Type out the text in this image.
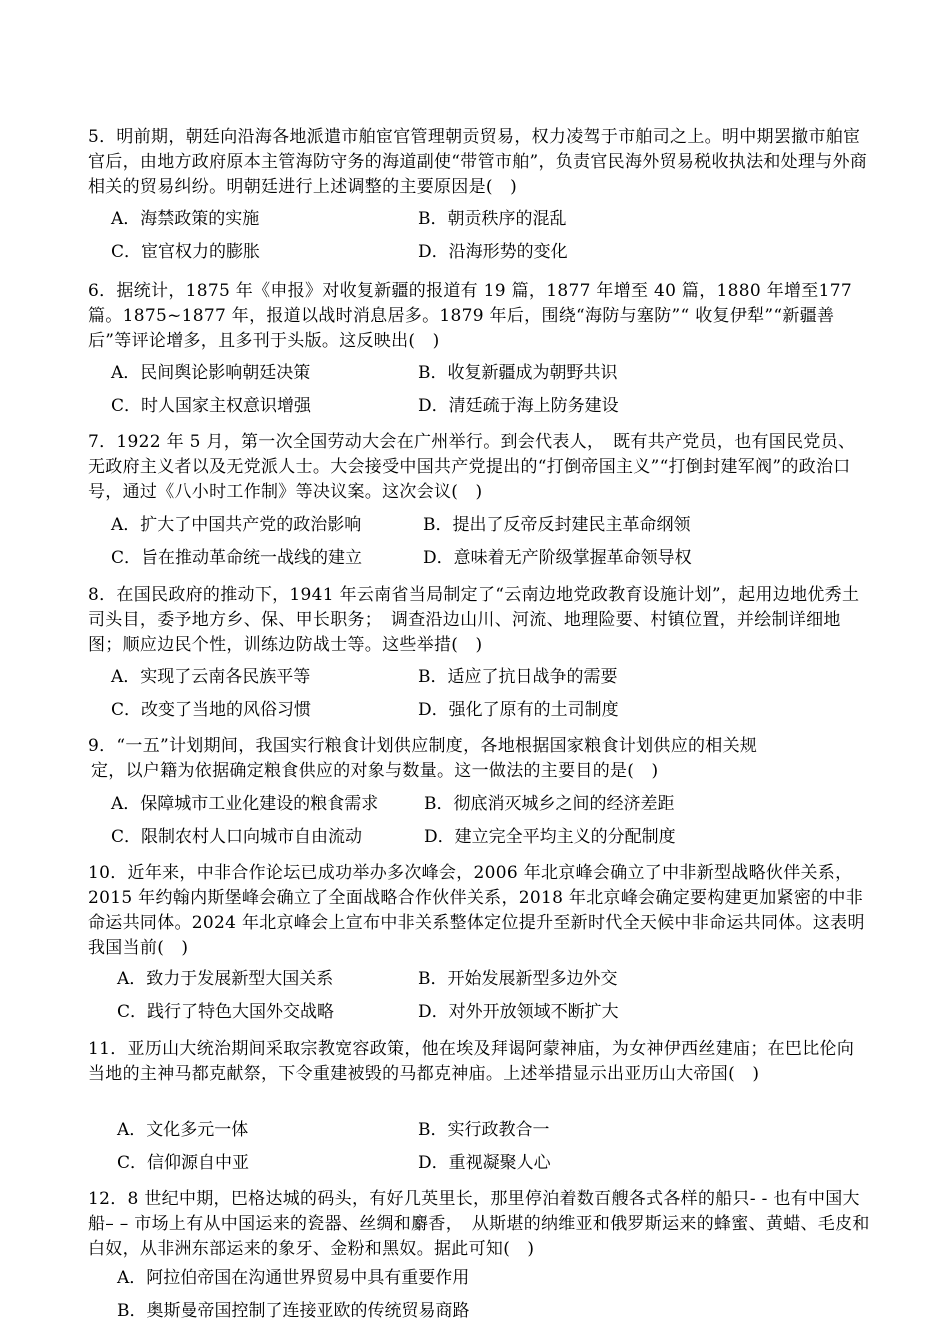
5．明前期，朝廷向沿海各地派遣市舶宦官管理朝贡贸易，权力凌驾于市舶司之上。明中期罢撤市舶宦官后，由地方政府原本主管海防守务的海道副使“带管市舶”，负责官民海外贸易税收执法和处理与外商相关的贸易纠纷。明朝廷进行上述调整的主要原因是(　)
A．海禁政策的实施	B．朝贡秩序的混乱
C．宦官权力的膨胀	D．沿海形势的变化
6．据统计，1875 年《申报》对收复新疆的报道有 19 篇，1877 年增至 40 篇，1880 年增至177 篇。1875~1877 年，报道以战时消息居多。1879 年后，围绕“海防与塞防”“ 收复伊犁”“新疆善后”等评论增多，且多刊于头版。这反映出(　)
A．民间舆论影响朝廷决策	B．收复新疆成为朝野共识
C．时人国家主权意识增强	D．清廷疏于海上防务建设
7．1922 年 5 月，第一次全国劳动大会在广州举行。到会代表人，　既有共产党员，也有国民党员、无政府主义者以及无党派人士。大会接受中国共产党提出的“打倒帝国主义”“打倒封建军阀”的政治口号，通过《八小时工作制》等决议案。这次会议(　)
A．扩大了中国共产党的政治影响	B．提出了反帝反封建民主革命纲领
C．旨在推动革命统一战线的建立	D．意味着无产阶级掌握革命领导权
8．在国民政府的推动下，1941 年云南省当局制定了“云南边地党政教育设施计划”，起用边地优秀土司头目，委予地方乡、保、甲长职务；　调查沿边山川、河流、地理险要、村镇位置，并绘制详细地图；顺应边民个性，训练边防战士等。这些举措(　)
A．实现了云南各民族平等	B．适应了抗日战争的需要
C．改变了当地的风俗习惯	D．强化了原有的土司制度
9．“一五”计划期间，我国实行粮食计划供应制度，各地根据国家粮食计划供应的相关规
定，以户籍为依据确定粮食供应的对象与数量。这一做法的主要目的是(　)
A．保障城市工业化建设的粮食需求	B．彻底消灭城乡之间的经济差距
C．限制农村人口向城市自由流动	D．建立完全平均主义的分配制度
10．近年来，中非合作论坛已成功举办多次峰会，2006 年北京峰会确立了中非新型战略伙伴关系，2015 年约翰内斯堡峰会确立了全面战略合作伙伴关系，2018 年北京峰会确定要构建更加紧密的中非命运共同体。2024 年北京峰会上宣布中非关系整体定位提升至新时代全天候中非命运共同体。这表明我国当前(　)
A．致力于发展新型大国关系	B．开始发展新型多边外交
C．践行了特色大国外交战略	D．对外开放领域不断扩大
11．亚历山大统治期间采取宗教宽容政策，他在埃及拜谒阿蒙神庙，为女神伊西丝建庙；在巴比伦向当地的主神马都克献祭，下令重建被毁的马都克神庙。上述举措显示出亚历山大帝国(　)
A．文化多元一体	B．实行政教合一
C．信仰源自中亚	D．重视凝聚人心
12．8 世纪中期，巴格达城的码头，有好几英里长，那里停泊着数百艘各式各样的船只- - 也有中国大船– – 市场上有从中国运来的瓷器、丝绸和麝香，　从斯堪的纳维亚和俄罗斯运来的蜂蜜、黄蜡、毛皮和白奴，从非洲东部运来的象牙、金粉和黑奴。据此可知(　)
A．阿拉伯帝国在沟通世界贸易中具有重要作用
B．奥斯曼帝国控制了连接亚欧的传统贸易商路
